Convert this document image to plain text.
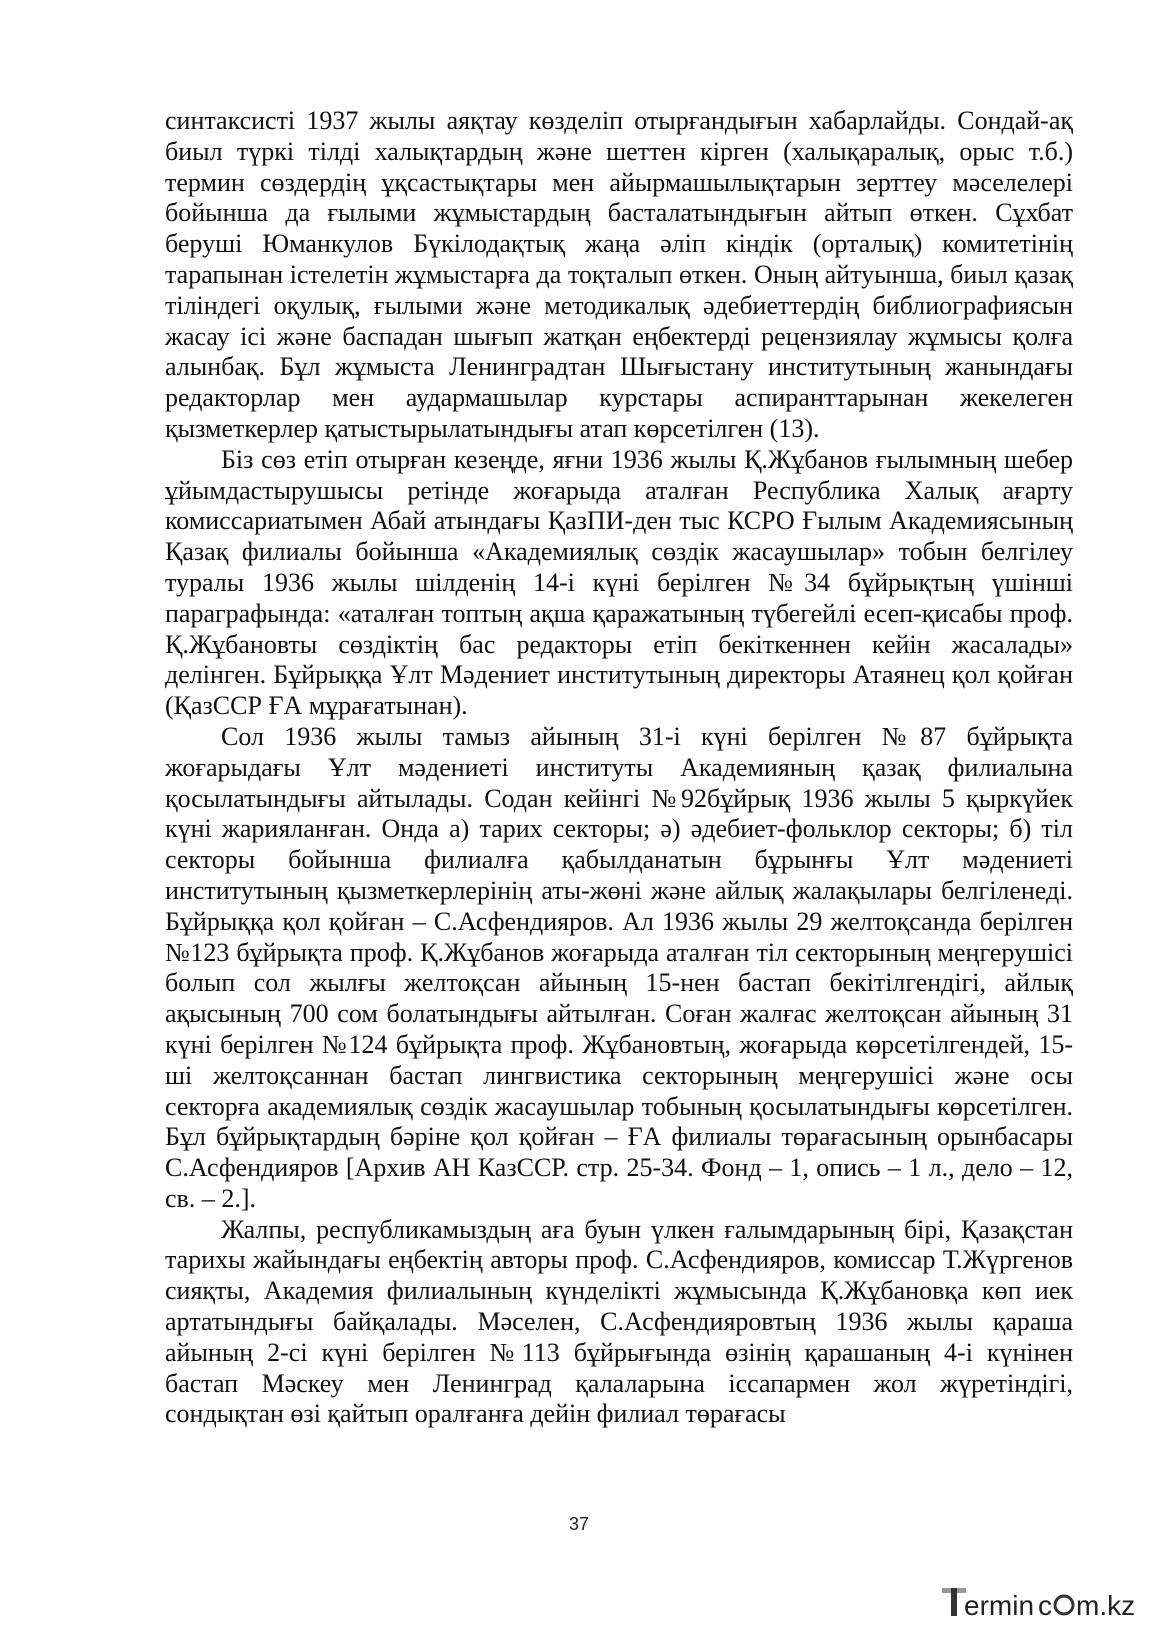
синтаксисті 1937 жылы аяқтау көзделіп отырғандығын хабарлайды. Сондай-ақ биыл түркі тілді халықтардың және шеттен кірген (халықаралық, орыс т.б.) термин сөздердің ұқсастықтары мен айырмашылықтарын зерттеу мәселелері бойынша да ғылыми жұмыстардың басталатындығын айтып өткен. Сұхбат беруші Юманкулов Бүкілодақтық жаңа әліп кіндік (орталық) комитетінің тарапынан істелетін жұмыстарға да тоқталып өткен. Оның айтуынша, биыл қазақ тіліндегі оқулық, ғылыми және методикалық әдебиеттердің библиографиясын жасау ісі және баспадан шығып жатқан еңбектерді рецензиялау жұмысы қолға алынбақ. Бұл жұмыста Ленинградтан Шығыстану институтының жанындағы редакторлар мен аудармашылар курстары аспиранттарынан жекелеген қызметкерлер қатыстырылатындығы атап көрсетілген (13).

Біз сөз етіп отырған кезеңде, яғни 1936 жылы Қ.Жұбанов ғылымның шебер ұйымдастырушысы ретінде жоғарыда аталған Республика Халық ағарту комиссариатымен Абай атындағы ҚазПИ-ден тыс КСРО Ғылым Академиясының Қазақ филиалы бойынша «Академиялық сөздік жасаушылар» тобын белгілеу туралы 1936 жылы шілденің 14-і күні берілген №34 бұйрықтың үшінші параграфында: «аталған топтың ақша қаражатының түбегейлі есеп-қисабы проф. Қ.Жұбановты сөздіктің бас редакторы етіп бекіткеннен кейін жасалады» делінген. Бұйрыққа Ұлт Мәдениет институтының директоры Атаянец қол қойған (ҚазССР ҒА мұрағатынан).

Сол 1936 жылы тамыз айының 31-і күні берілген №87 бұйрықта жоғарыдағы Ұлт мәдениеті институты Академияның қазақ филиалына қосылатындығы айтылады. Содан кейінгі №92бұйрық 1936 жылы 5 қыркүйек күні жарияланған. Онда а) тарих секторы; ә) әдебиет-фольклор секторы; б) тіл секторы бойынша филиалға қабылданатын бұрынғы Ұлт мәдениеті институтының қызметкерлерінің аты-жөні және айлық жалақылары белгіленеді. Бұйрыққа қол қойған – С.Асфендияров. Ал 1936 жылы 29 желтоқсанда берілген №123 бұйрықта проф. Қ.Жұбанов жоғарыда аталған тіл секторының меңгерушісі болып сол жылғы желтоқсан айының 15-нен бастап бекітілгендігі, айлық ақысының 700 сом болатындығы айтылған. Соған жалғас желтоқсан айының 31 күні берілген №124 бұйрықта проф. Жұбановтың, жоғарыда көрсетілгендей, 15-ші желтоқсаннан бастап лингвистика секторының меңгерушісі және осы секторға академиялық сөздік жасаушылар тобының қосылатындығы көрсетілген. Бұл бұйрықтардың бәріне қол қойған – ҒА филиалы төрағасының орынбасары С.Асфендияров [Архив АН КазССР. стр. 25-34. Фонд – 1, опись – 1 л., дело – 12, св. – 2.].

Жалпы, республикамыздың аға буын үлкен ғалымдарының бірі, Қазақстан тарихы жайындағы еңбектің авторы проф. С.Асфендияров, комиссар Т.Жүргенов сияқты, Академия филиалының күнделікті жұмысында Қ.Жұбановқа көп иек артатындығы байқалады. Мәселен, С.Асфендияровтың 1936 жылы қараша айының 2-сі күні берілген №113 бұйрығында өзінің қарашаның 4-і күнінен бастап Мәскеу мен Ленинград қалаларына іссапармен жол жүретіндігі, сондықтан өзі қайтып оралғанға дейін филиал төрағасы

37
ermin c m.kz
